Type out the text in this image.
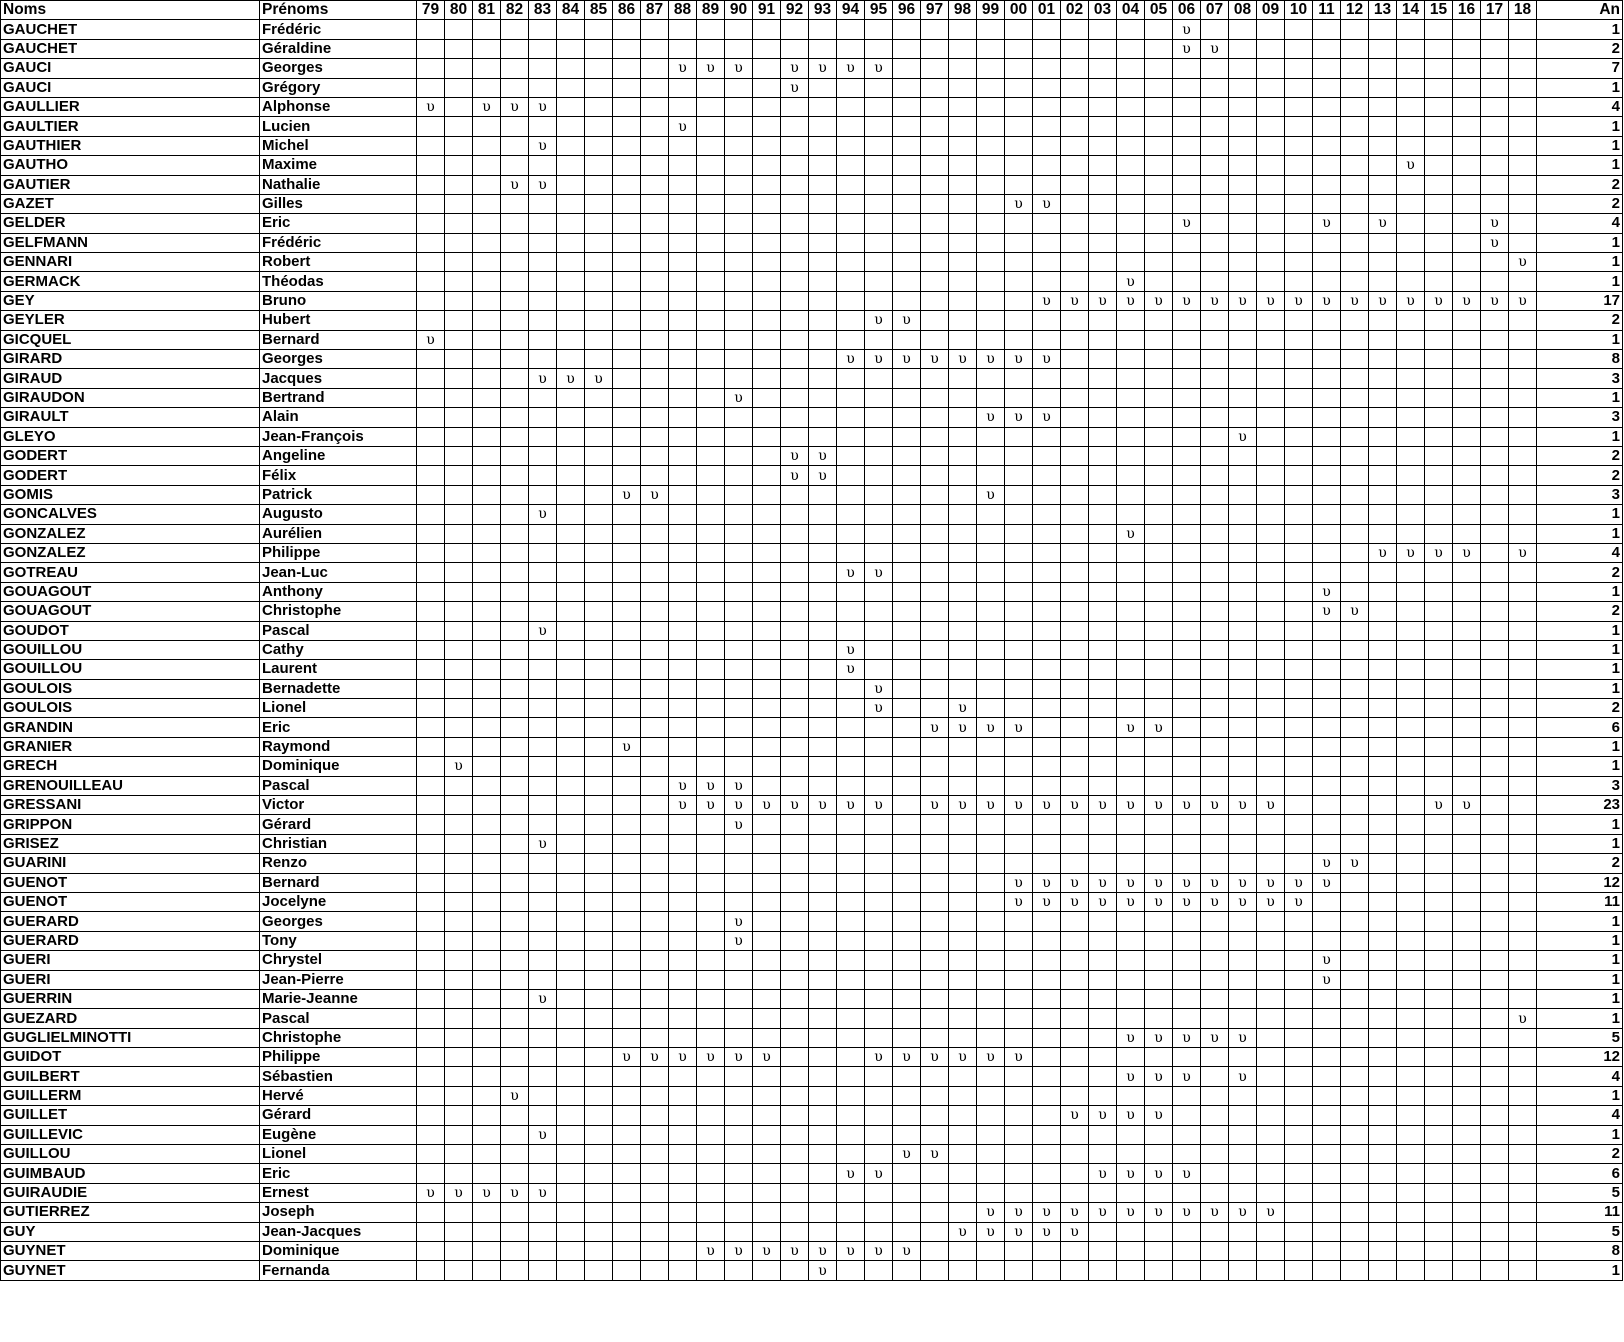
Noms	Prénoms	79	80	81	82	83	84	85	86	87	88	89	90	91	92	93	94	95	96	97	98	99	00	01	02	03	04	05	06	07	08	09	10	11	12	13	14	15	16	17	18	An
GAUCHET	Frédéric																												υ													1
GAUCHET	Géraldine																												υ	υ												2
GAUCI	Georges										υ	υ	υ		υ	υ	υ	υ																								7
GAUCI	Grégory														υ																											1
GAULLIER	Alphonse	υ		υ	υ	υ																																				4
GAULTIER	Lucien										υ																															1
GAUTHIER	Michel					υ																																				1
GAUTHO	Maxime																																				υ					1
GAUTIER	Nathalie				υ	υ																																				2
GAZET	Gilles																						υ	υ																		2
GELDER	Eric																												υ					υ		υ				υ		4
GELFMANN	Frédéric																																							υ		1
GENNARI	Robert																																								υ	1
GERMACK	Théodas																										υ															1
GEY	Bruno																							υ	υ	υ	υ	υ	υ	υ	υ	υ	υ	υ	υ	υ	υ	υ	υ	υ	υ	17
GEYLER	Hubert																	υ	υ																							2
GICQUEL	Bernard	υ																																								1
GIRARD	Georges																υ	υ	υ	υ	υ	υ	υ	υ																		8
GIRAUD	Jacques					υ	υ	υ																																		3
GIRAUDON	Bertrand												υ																													1
GIRAULT	Alain																					υ	υ	υ																		3
GLEYO	Jean-François																														υ											1
GODERT	Angeline														υ	υ																										2
GODERT	Félix														υ	υ																										2
GOMIS	Patrick								υ	υ												υ																				3
GONCALVES	Augusto					υ																																				1
GONZALEZ	Aurélien																										υ															1
GONZALEZ	Philippe																																			υ	υ	υ	υ		υ	4
GOTREAU	Jean-Luc																υ	υ																								2
GOUAGOUT	Anthony																																	υ								1
GOUAGOUT	Christophe																																	υ	υ							2
GOUDOT	Pascal					υ																																				1
GOUILLOU	Cathy																υ																									1
GOUILLOU	Laurent																υ																									1
GOULOIS	Bernadette																	υ																								1
GOULOIS	Lionel																	υ			υ																					2
GRANDIN	Eric																			υ	υ	υ	υ				υ	υ														6
GRANIER	Raymond								υ																																	1
GRECH	Dominique		υ																																							1
GRENOUILLEAU	Pascal										υ	υ	υ																													3
GRESSANI	Victor										υ	υ	υ	υ	υ	υ	υ	υ		υ	υ	υ	υ	υ	υ	υ	υ	υ	υ	υ	υ	υ						υ	υ			23
GRIPPON	Gérard												υ																													1
GRISEZ	Christian					υ																																				1
GUARINI	Renzo																																	υ	υ							2
GUENOT	Bernard																						υ	υ	υ	υ	υ	υ	υ	υ	υ	υ	υ	υ								12
GUENOT	Jocelyne																						υ	υ	υ	υ	υ	υ	υ	υ	υ	υ	υ									11
GUERARD	Georges												υ																													1
GUERARD	Tony												υ																													1
GUERI	Chrystel																																	υ								1
GUERI	Jean-Pierre																																	υ								1
GUERRIN	Marie-Jeanne					υ																																				1
GUEZARD	Pascal																																								υ	1
GUGLIELMINOTTI	Christophe																										υ	υ	υ	υ	υ											5
GUIDOT	Philippe								υ	υ	υ	υ	υ	υ				υ	υ	υ	υ	υ	υ																			12
GUILBERT	Sébastien																										υ	υ	υ		υ											4
GUILLERM	Hervé				υ																																					1
GUILLET	Gérard																								υ	υ	υ	υ														4
GUILLEVIC	Eugène					υ																																				1
GUILLOU	Lionel																		υ	υ																						2
GUIMBAUD	Eric																υ	υ								υ	υ	υ	υ													6
GUIRAUDIE	Ernest	υ	υ	υ	υ	υ																																				5
GUTIERREZ	Joseph																					υ	υ	υ	υ	υ	υ	υ	υ	υ	υ	υ										11
GUY	Jean-Jacques																				υ	υ	υ	υ	υ																	5
GUYNET	Dominique											υ	υ	υ	υ	υ	υ	υ	υ																							8
GUYNET	Fernanda															υ																										1
